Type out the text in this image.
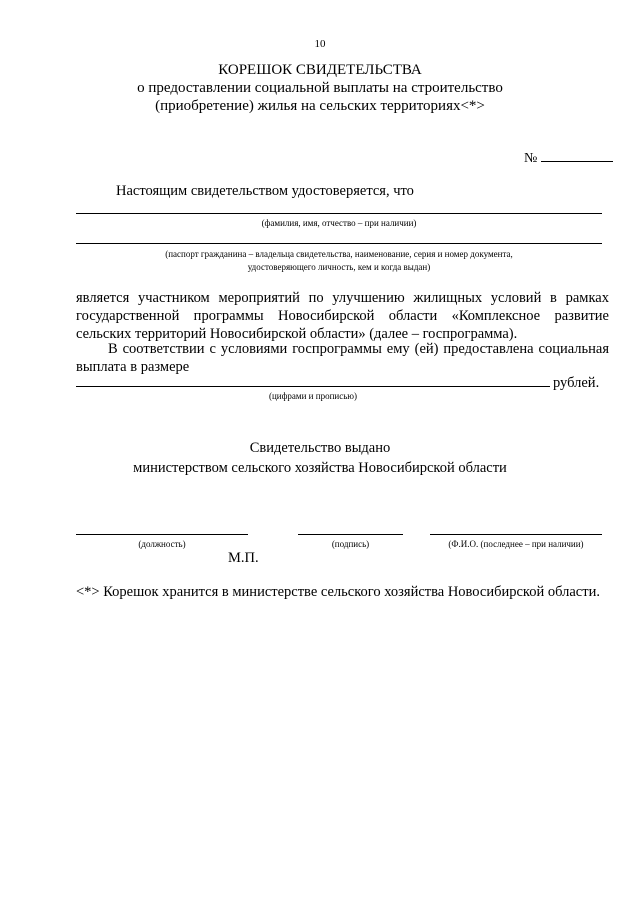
10
КОРЕШОК СВИДЕТЕЛЬСТВА
о предоставлении социальной выплаты на строительство
(приобретение) жилья на сельских территориях<*>
№
Настоящим свидетельством удостоверяется, что
(фамилия, имя, отчество – при наличии)
(паспорт гражданина – владельца свидетельства, наименование, серия и номер документа,
удостоверяющего личность, кем и когда выдан)
является участником мероприятий по улучшению жилищных условий в рамках государственной программы Новосибирской области «Комплексное развитие сельских территорий Новосибирской области» (далее – госпрограмма).
В соответствии с условиями госпрограммы ему (ей) предоставлена социальная выплата в размере
рублей.
(цифрами и прописью)
Свидетельство выдано
министерством сельского хозяйства Новосибирской области
(должность)	(подпись)	(Ф.И.О. (последнее – при наличии)
М.П.
<*> Корешок хранится в министерстве сельского хозяйства Новосибирской области.
